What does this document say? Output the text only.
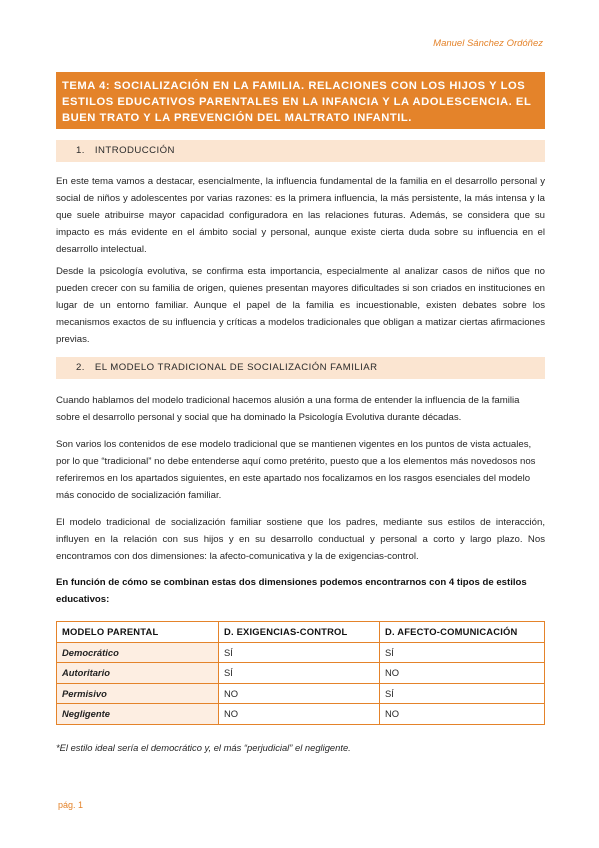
Manuel Sánchez Ordóñez
TEMA 4: SOCIALIZACIÓN EN LA FAMILIA. RELACIONES CON LOS HIJOS Y LOS
ESTILOS EDUCATIVOS PARENTALES EN LA INFANCIA Y LA ADOLESCENCIA. EL
BUEN TRATO Y LA PREVENCIÓN DEL MALTRATO INFANTIL.
1. INTRODUCCIÓN

En este tema vamos a destacar, esencialmente, la influencia fundamental de la familia en el desarrollo personal y social de niños y adolescentes por varias razones: es la primera influencia, la más persistente, la más intensa y la que suele atribuirse mayor capacidad configuradora en las relaciones futuras. Además, se considera que su impacto es más evidente en el ámbito social y personal, aunque existe cierta duda sobre su influencia en el desarrollo intelectual.

Desde la psicología evolutiva, se confirma esta importancia, especialmente al analizar casos de niños que no pueden crecer con su familia de origen, quienes presentan mayores dificultades si son criados en instituciones en lugar de un entorno familiar. Aunque el papel de la familia es incuestionable, existen debates sobre los mecanismos exactos de su influencia y críticas a modelos tradicionales que obligan a matizar ciertas afirmaciones previas.

2. EL MODELO TRADICIONAL DE SOCIALIZACIÓN FAMILIAR

Cuando hablamos del modelo tradicional hacemos alusión a una forma de entender la influencia de la familia sobre el desarrollo personal y social que ha dominado la Psicología Evolutiva durante décadas.

Son varios los contenidos de ese modelo tradicional que se mantienen vigentes en los puntos de vista actuales, por lo que “tradicional” no debe entenderse aquí como pretérito, puesto que a los elementos más novedosos nos referiremos en los apartados siguientes, en este apartado nos focalizamos en los rasgos esenciales del modelo más conocido de socialización familiar.

El modelo tradicional de socialización familiar sostiene que los padres, mediante sus estilos de interacción, influyen en la relación con sus hijos y en su desarrollo conductual y personal a corto y largo plazo. Nos encontramos con dos dimensiones: la afecto-comunicativa y la de exigencias-control.

En función de cómo se combinan estas dos dimensiones podemos encontrarnos con 4 tipos de estilos educativos:

MODELO PARENTAL	D. EXIGENCIAS-CONTROL	D. AFECTO-COMUNICACIÓN
Democrático	SÍ	SÍ
Autoritario	SÍ	NO
Permisivo	NO	SÍ
Negligente	NO	NO

*El estilo ideal sería el democrático y, el más “perjudicial” el negligente.

pág. 1
